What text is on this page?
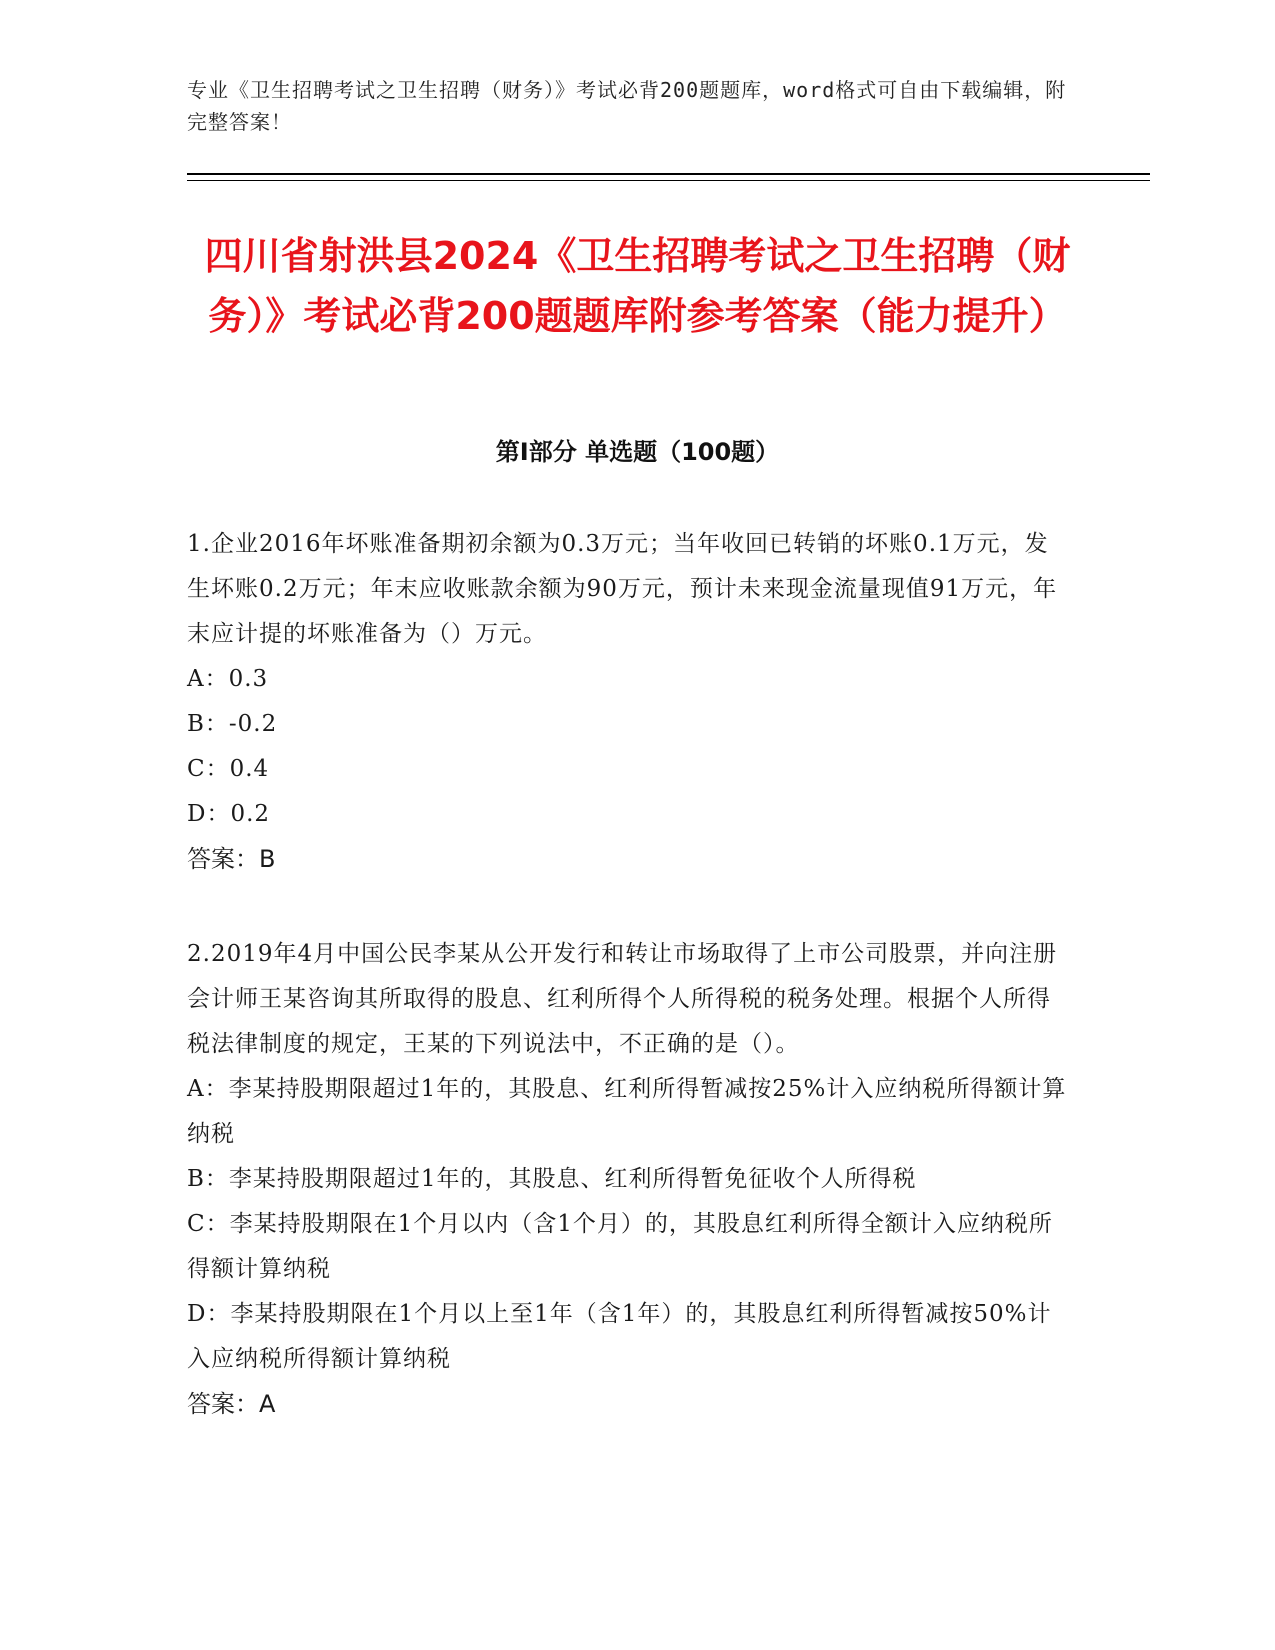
专业《卫生招聘考试之卫生招聘（财务）》考试必背200题题库，word格式可自由下载编辑，附完整答案！
四川省射洪县2024《卫生招聘考试之卫生招聘（财务）》考试必背200题题库附参考答案（能力提升）
第Ⅰ部分 单选题（100题）

1.企业2016年坏账准备期初余额为0.3万元；当年收回已转销的坏账0.1万元，发生坏账0.2万元；年末应收账款余额为90万元，预计未来现金流量现值91万元，年末应计提的坏账准备为（）万元。

A：0.3

B：-0.2

C：0.4

D：0.2

答案：B

2.2019年4月中国公民李某从公开发行和转让市场取得了上市公司股票，并向注册会计师王某咨询其所取得的股息、红利所得个人所得税的税务处理。根据个人所得税法律制度的规定，王某的下列说法中，不正确的是（）。

A：李某持股期限超过1年的，其股息、红利所得暂减按25%计入应纳税所得额计算纳税

B：李某持股期限超过1年的，其股息、红利所得暂免征收个人所得税

C：李某持股期限在1个月以内（含1个月）的，其股息红利所得全额计入应纳税所得额计算纳税

D：李某持股期限在1个月以上至1年（含1年）的，其股息红利所得暂减按50%计入应纳税所得额计算纳税

答案：A
